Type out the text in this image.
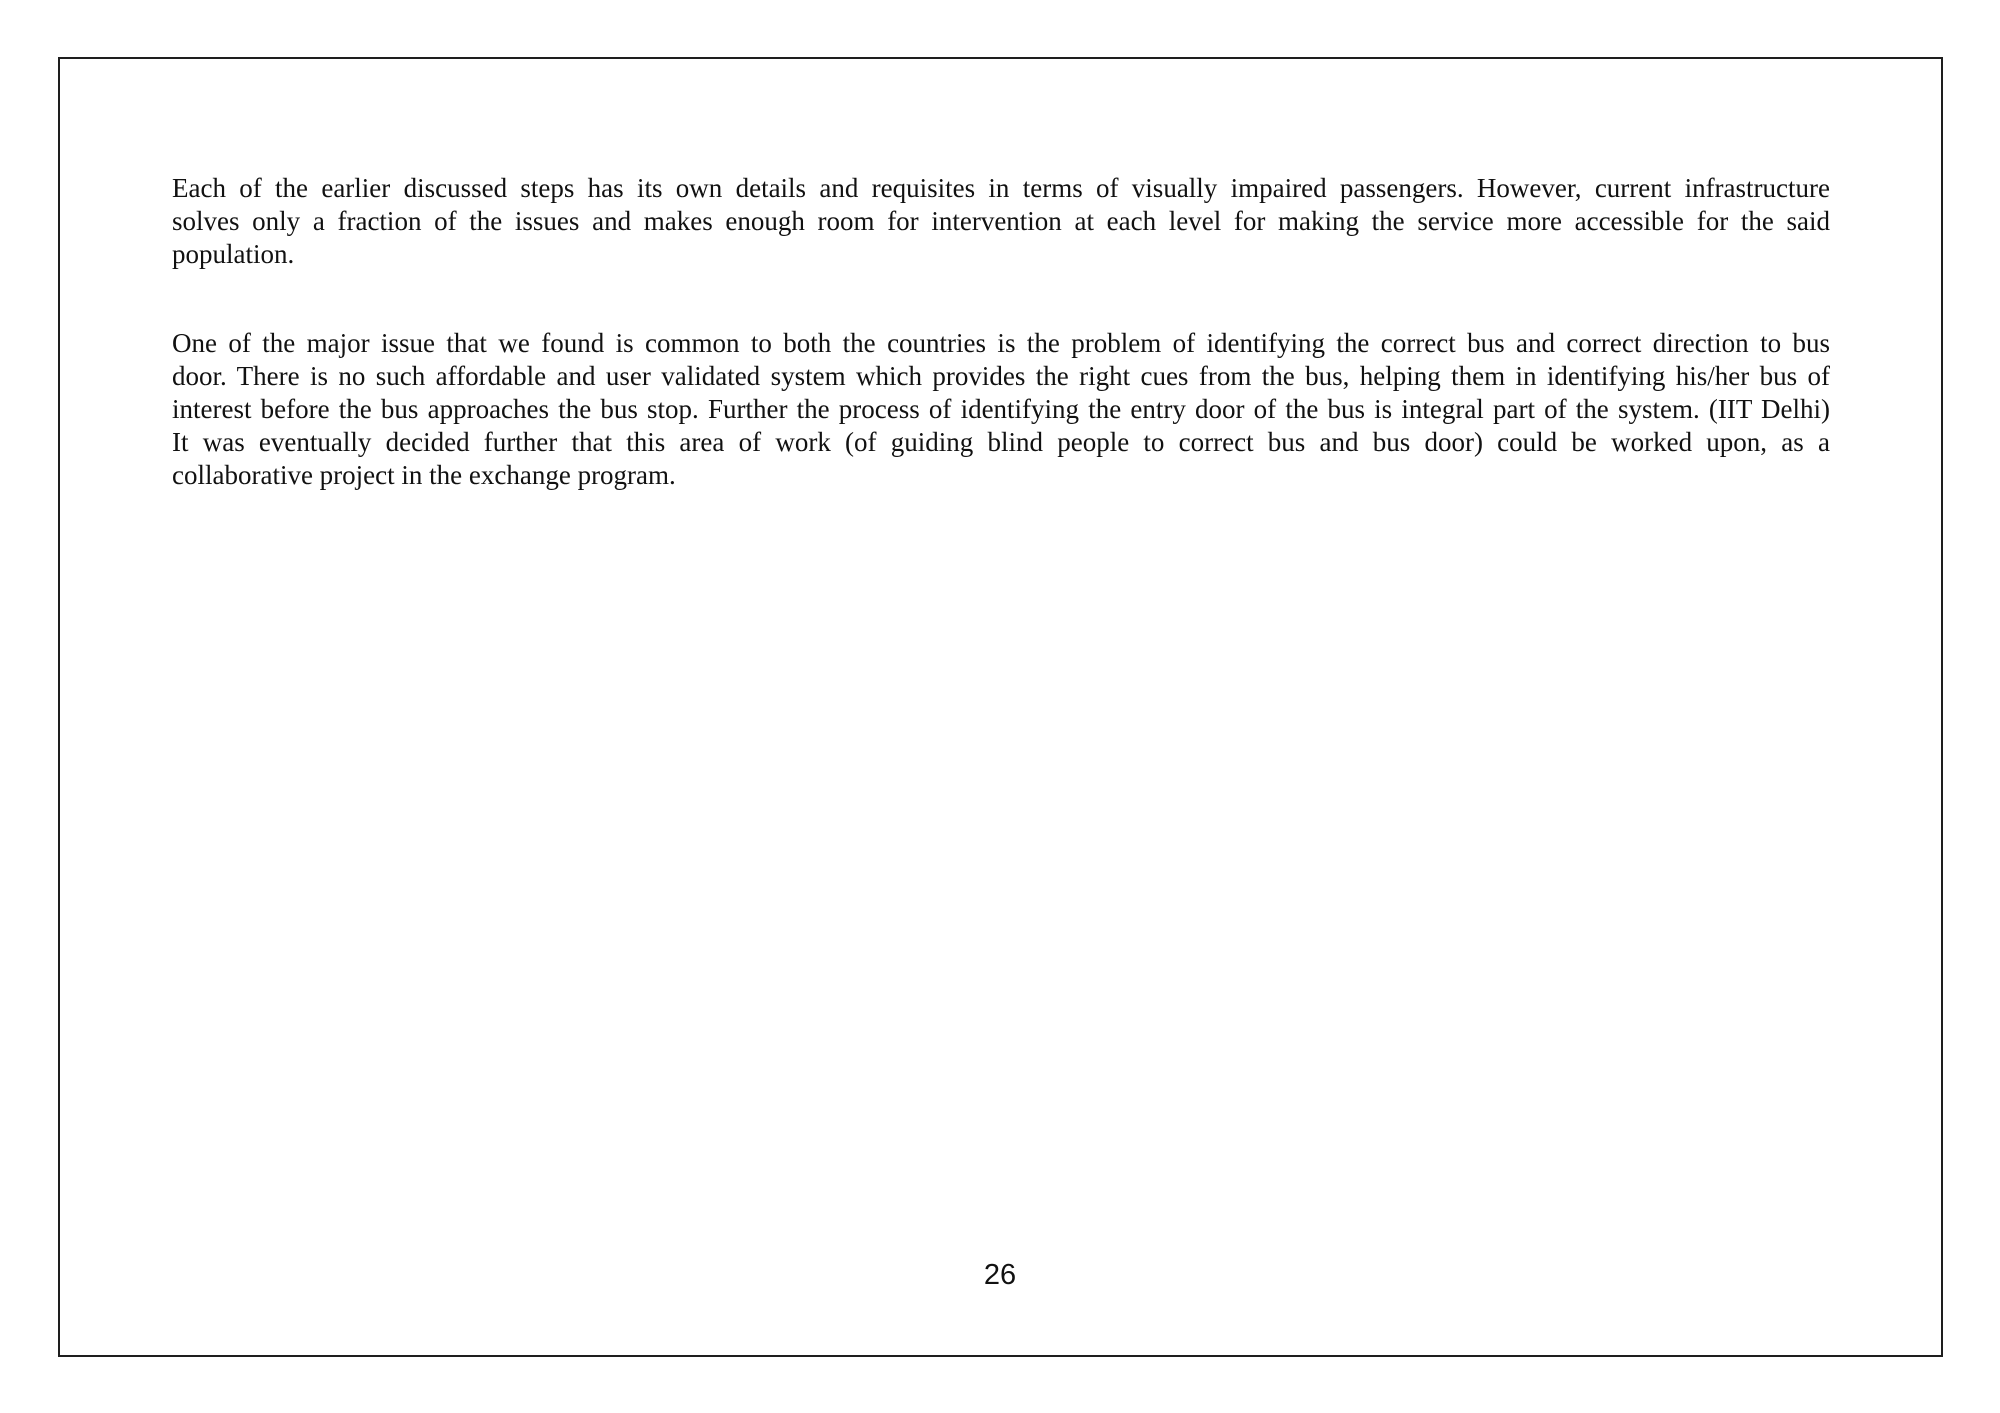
Each of the earlier discussed steps has its own details and requisites in terms of visually impaired passengers. However, current infrastructure
solves only a fraction of the issues and makes enough room for intervention at each level for making the service more accessible for the said
population.
One of the major issue that we found is common to both the countries is the problem of identifying the correct bus and correct direction to bus
door. There is no such affordable and user validated system which provides the right cues from the bus, helping them in identifying his/her bus of
interest before the bus approaches the bus stop. Further the process of identifying the entry door of the bus is integral part of the system. (IIT Delhi)
It was eventually decided further that this area of work (of guiding blind people to correct bus and bus door) could be worked upon, as a
collaborative project in the exchange program.
26
